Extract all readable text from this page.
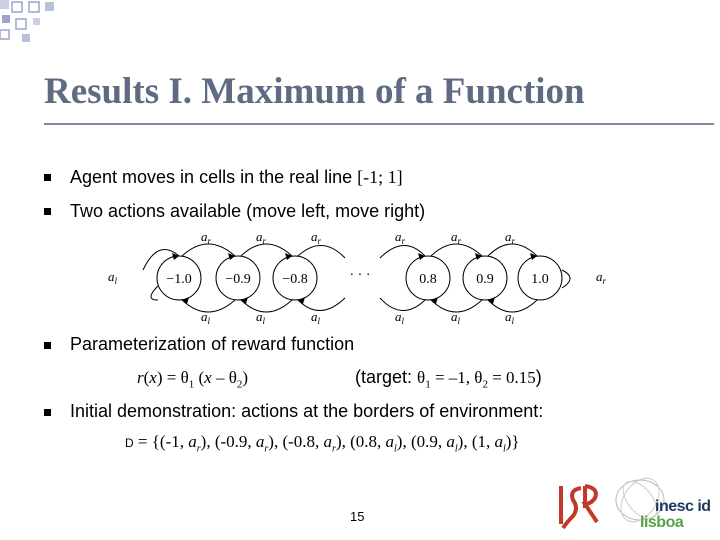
Results I. Maximum of a Function
Agent moves in cells in the real line [-1; 1]
Two actions available (move left, move right)
−1.0 −0.9 −0.8	· · ·	0.8	0.9	1.0
$a_r$	$a_r$	$a_r$	$a_r$	$a_r$	$a_r$
$a_l$	$a_l$	$a_l$	$a_l$	$a_l$	$a_l$
$a_l$	$a_r$
Parameterization of reward function
$r(x) = \theta_1$ $(x - \theta_2)$	(target: $\theta_1 = -1$, $\theta_2 = 0.15$)
Initial demonstration: actions at the borders of environment:
D = {(-1, $a_r$), (-0.9, $a_r$), (-0.8, $a_r$), (0.8, $a_l$), (0.9, $a_l$), (1, $a_l$)}
15
inesc id
lisboa
